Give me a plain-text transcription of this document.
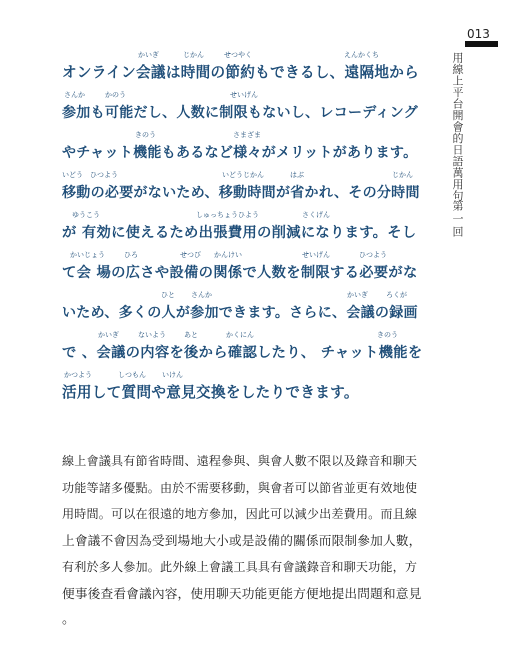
013
用線上平台開會的日語萬用句
第一回

かいぎ

	じかん

	せつやく

	えんかくち

オンライン会議は時間の節約もできるし、遠隔地から

さんか

	かのう

	せいげん

参加も可能だし、人数に制限もないし、レコーディング

きのう

	さまざま

やチャット機能もあるなど様々がメリットがあります。

いどう

ひつよう

	いどうじかん

	はぶ

	じかん

移動の必要がないため、移動時間が省かれ、その分時間

ゆうこう

	しゅっちょうひよう

	さくげん

が 有効に使えるため出張費用の削減になります。そし

かいじょう

	ひろ

	せつび

かんけい

	せいげん

	ひつよう

て会 場の広さや設備の関係で人数を制限する必要がな

ひと

さんか

	かいぎ

	ろくが

いため、多くの人が参加できます。さらに、会議の録画

かいぎ

	ないよう

	あと

	かくにん

	きのう

で 、会議の内容を後から確認したり、 チャット機能を

かつよう

	しつもん

いけん

活用して質問や意見交換をしたりできます。
線上會議具有節省時間、遠程參與、與會人數不限以及錄音和聊天
功能等諸多優點。由於不需要移動，與會者可以節省並更有效地使
用時間。可以在很遠的地方參加，因此可以減少出差費用。而且線
上會議不會因為受到場地大小或是設備的關係而限制參加人數，
有利於多人參加。此外線上會議工具具有會議錄音和聊天功能，方
便事後查看會議內容，使用聊天功能更能方便地提出問題和意見
。
